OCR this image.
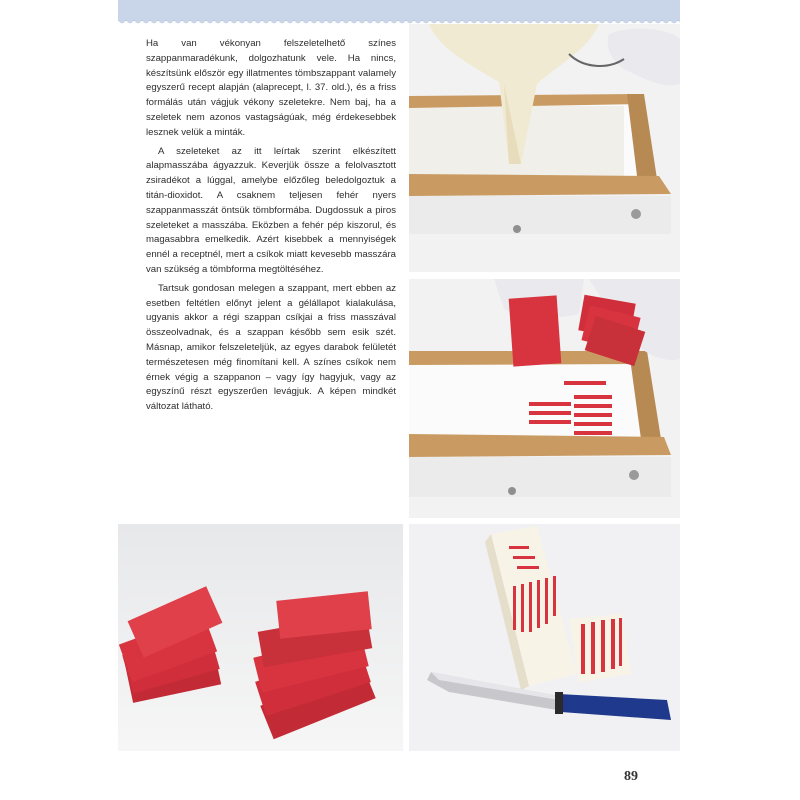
Ha van vékonyan felszeletelhető színes szappanmaradékunk, dolgozhatunk vele. Ha nincs, készítsünk először egy illatmentes tömbszappant valamely egyszerű recept alapján (alaprecept, l. 37. old.), és a friss formálás után vágjuk vékony szeletekre. Nem baj, ha a szeletek nem azonos vastagságúak, még érdekesebbek lesznek velük a minták.

A szeleteket az itt leírtak szerint elkészített alapmasszába ágyazzuk. Keverjük össze a felolvasztott zsiradékot a lúggal, amelybe előzőleg beledolgoztuk a titán-dioxidot. A csaknem teljesen fehér nyers szappanmasszát öntsük tömbformába. Dugdossuk a piros szeleteket a masszába. Eközben a fehér pép kiszorul, és magasabbra emelkedik. Azért kisebbek a mennyiségek ennél a receptnél, mert a csíkok miatt kevesebb masszára van szükség a tömbforma megtöltéséhez.

Tartsuk gondosan melegen a szappant, mert ebben az esetben feltétlen előnyt jelent a gélállapot kialakulása, ugyanis akkor a régi szappan csíkjai a friss masszával összeolvadnak, és a szappan később sem esik szét. Másnap, amikor felszeleteljük, az egyes darabok felületét természetesen még finomítani kell. A színes csíkok nem érnek végig a szappanon – vagy így hagyjuk, vagy az egyszínű részt egyszerűen levágjuk. A képen mindkét változat látható.

89
